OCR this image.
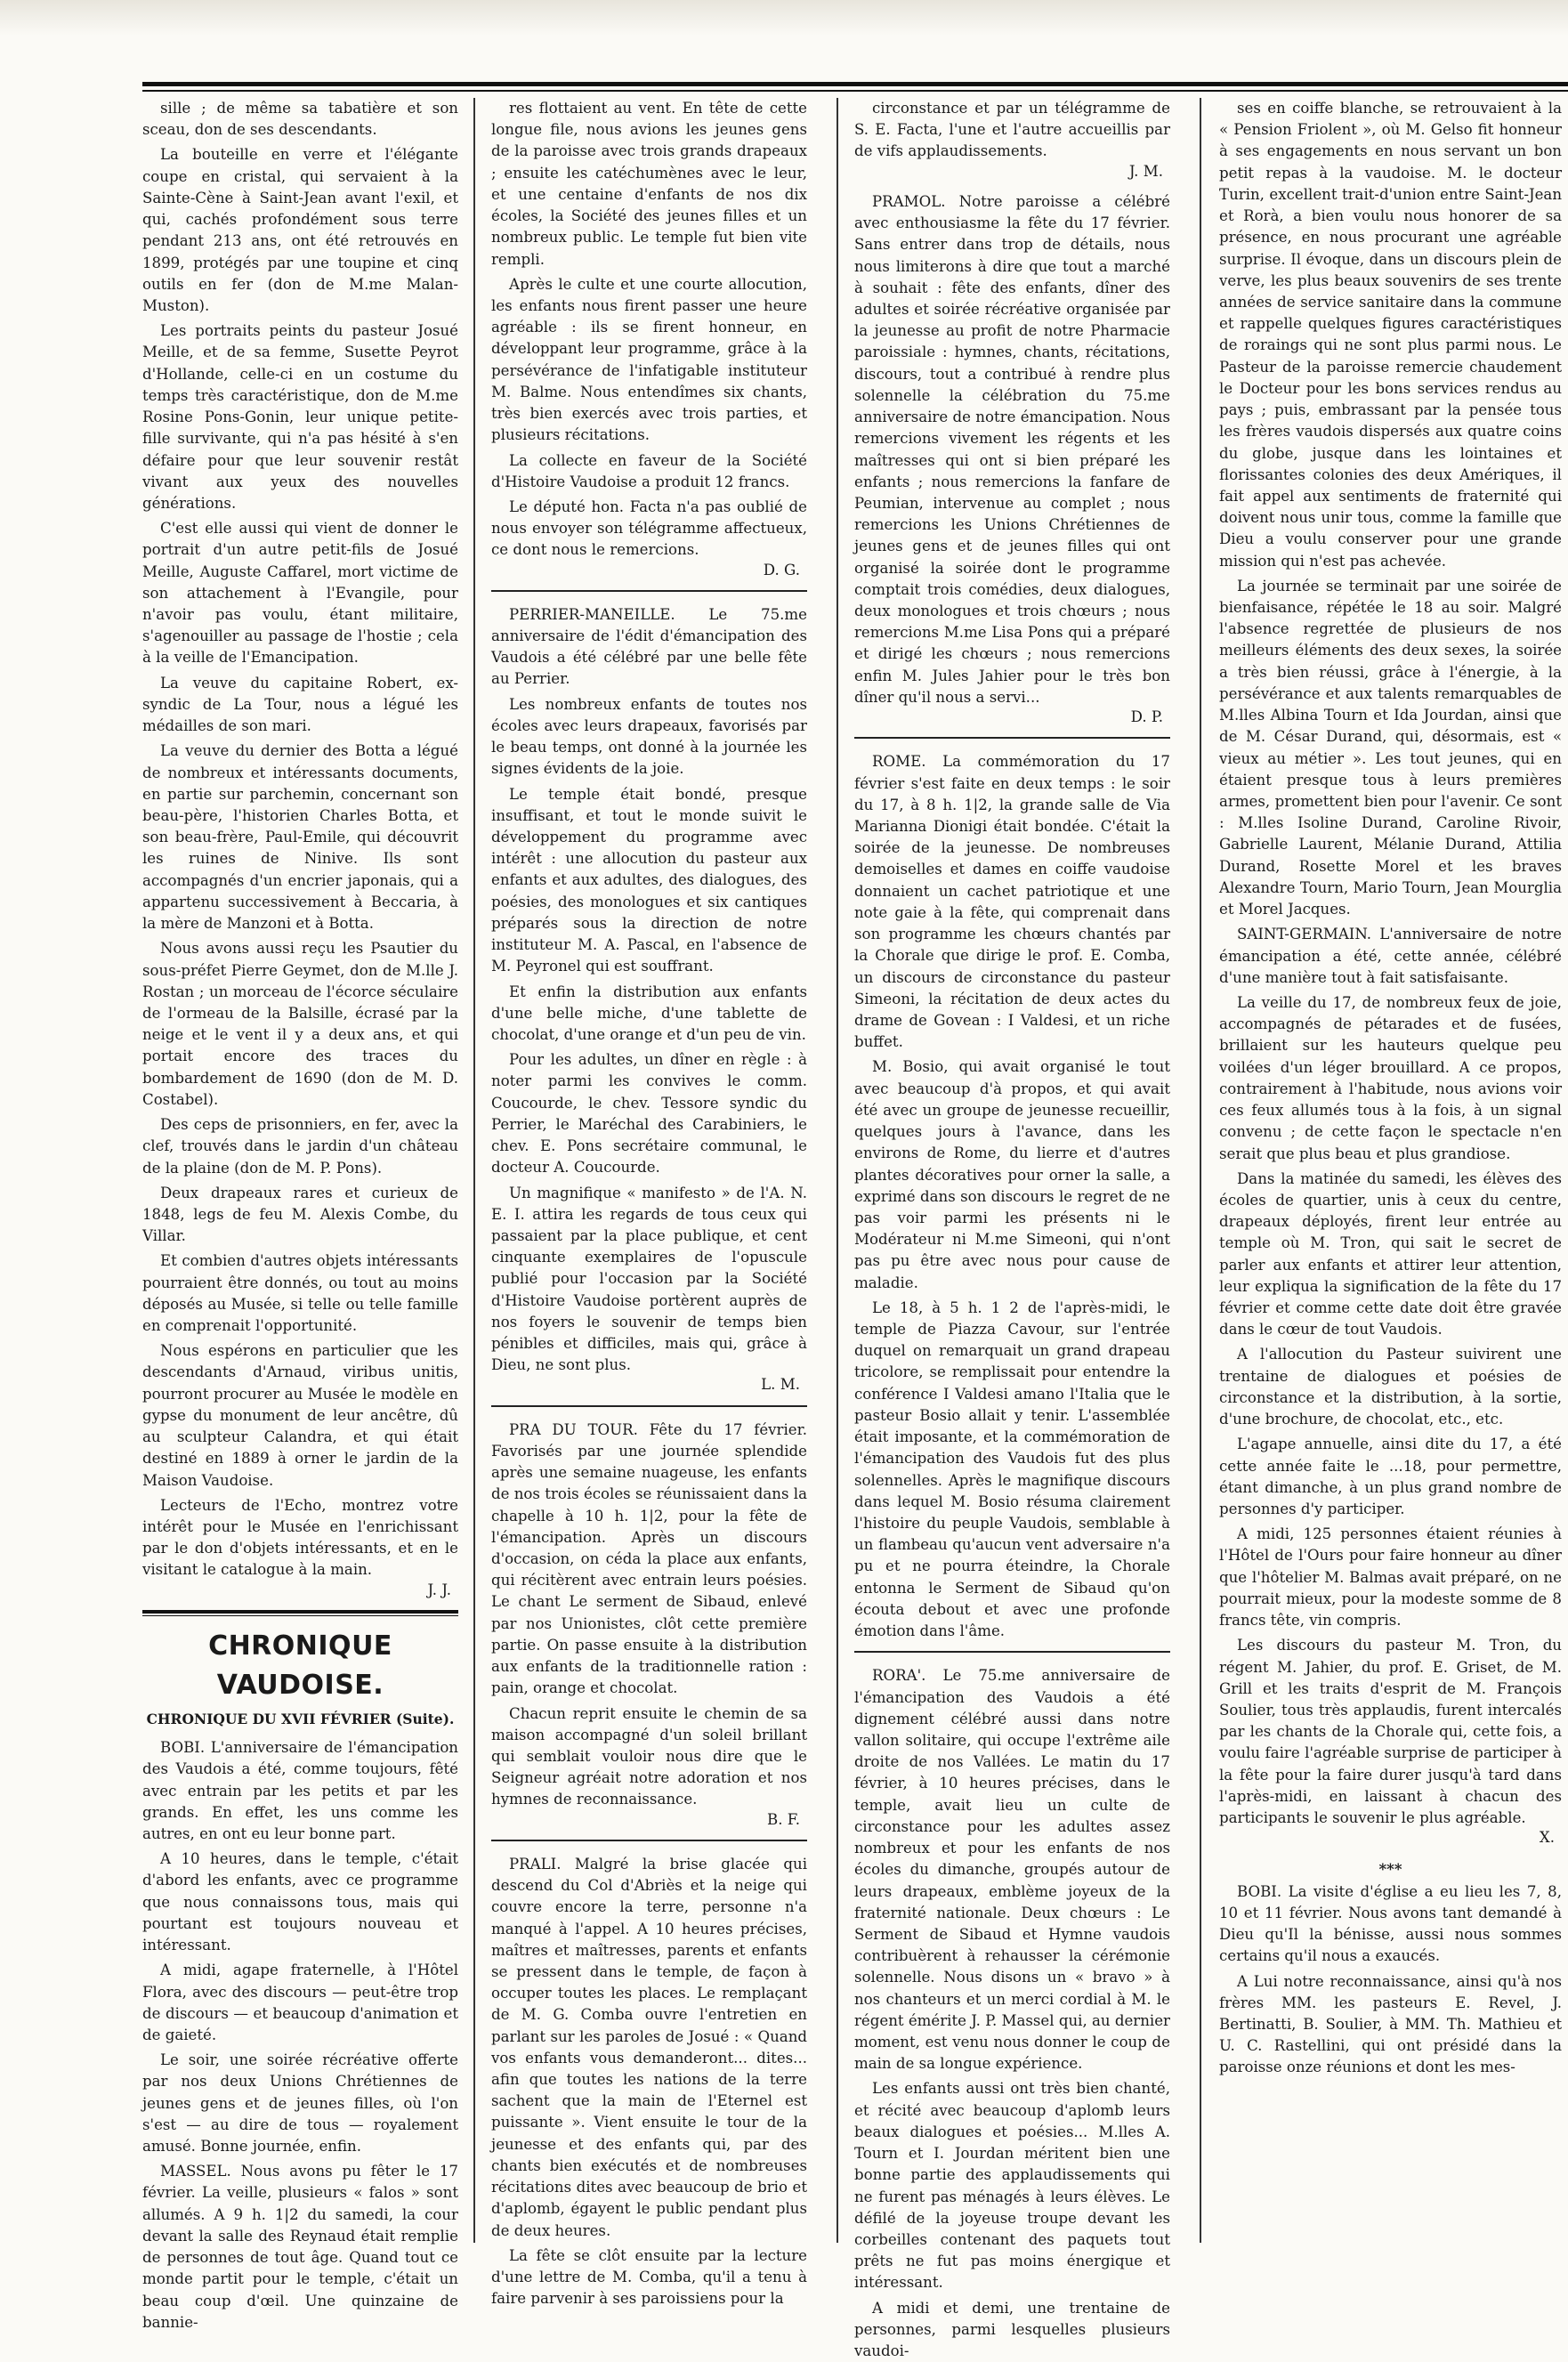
sille ; de même sa tabatière et son sceau, don de ses descendants.

La bouteille en verre et l'élégante coupe en cristal, qui servaient à la Sainte-Cène à Saint-Jean avant l'exil, et qui, cachés profondément sous terre pendant 213 ans, ont été retrouvés en 1899, protégés par une toupine et cinq outils en fer (don de M.me Malan-Muston).

Les portraits peints du pasteur Josué Meille, et de sa femme, Susette Peyrot d'Hollande, celle-ci en un costume du temps très caractéristique, don de M.me Rosine Pons-Gonin, leur unique petite-fille survivante, qui n'a pas hésité à s'en défaire pour que leur souvenir restât vivant aux yeux des nouvelles générations.

C'est elle aussi qui vient de donner le portrait d'un autre petit-fils de Josué Meille, Auguste Caffarel, mort victime de son attachement à l'Evangile, pour n'avoir pas voulu, étant militaire, s'agenouiller au passage de l'hostie ; cela à la veille de l'Emancipation.

La veuve du capitaine Robert, ex-syndic de La Tour, nous a légué les médailles de son mari.

La veuve du dernier des Botta a légué de nombreux et intéressants documents, en partie sur parchemin, concernant son beau-père, l'historien Charles Botta, et son beau-frère, Paul-Emile, qui découvrit les ruines de Ninive. Ils sont accompagnés d'un encrier japonais, qui a appartenu successivement à Beccaria, à la mère de Manzoni et à Botta.

Nous avons aussi reçu les Psautier du sous-préfet Pierre Geymet, don de M.lle J. Rostan ; un morceau de l'écorce séculaire de l'ormeau de la Balsille, écrasé par la neige et le vent il y a deux ans, et qui portait encore des traces du bombardement de 1690 (don de M. D. Costabel).

Des ceps de prisonniers, en fer, avec la clef, trouvés dans le jardin d'un château de la plaine (don de M. P. Pons).

Deux drapeaux rares et curieux de 1848, legs de feu M. Alexis Combe, du Villar.

Et combien d'autres objets intéressants pourraient être donnés, ou tout au moins déposés au Musée, si telle ou telle famille en comprenait l'opportunité.

Nous espérons en particulier que les descendants d'Arnaud, viribus unitis, pourront procurer au Musée le modèle en gypse du monument de leur ancêtre, dû au sculpteur Calandra, et qui était destiné en 1889 à orner le jardin de la Maison Vaudoise.

Lecteurs de l'Echo, montrez votre intérêt pour le Musée en l'enrichissant par le don d'objets intéressants, et en le visitant le catalogue à la main.

J. J.
CHRONIQUE VAUDOISE.
CHRONIQUE DU XVII FÉVRIER (Suite).

BOBI. L'anniversaire de l'émancipation des Vaudois a été, comme toujours, fêté avec entrain par les petits et par les grands. En effet, les uns comme les autres, en ont eu leur bonne part.

A 10 heures, dans le temple, c'était d'abord les enfants, avec ce programme que nous connaissons tous, mais qui pourtant est toujours nouveau et intéressant.

A midi, agape fraternelle, à l'Hôtel Flora, avec des discours — peut-être trop de discours — et beaucoup d'animation et de gaieté.

Le soir, une soirée récréative offerte par nos deux Unions Chrétiennes de jeunes gens et de jeunes filles, où l'on s'est — au dire de tous — royalement amusé. Bonne journée, enfin.

MASSEL. Nous avons pu fêter le 17 février. La veille, plusieurs « falos » sont allumés. A 9 h. 1|2 du samedi, la cour devant la salle des Reynaud était remplie de personnes de tout âge. Quand tout ce monde partit pour le temple, c'était un beau coup d'œil. Une quinzaine de bannie-

res flottaient au vent. En tête de cette longue file, nous avions les jeunes gens de la paroisse avec trois grands drapeaux ; ensuite les catéchumènes avec le leur, et une centaine d'enfants de nos dix écoles, la Société des jeunes filles et un nombreux public. Le temple fut bien vite rempli.

Après le culte et une courte allocution, les enfants nous firent passer une heure agréable : ils se firent honneur, en développant leur programme, grâce à la persévérance de l'infatigable instituteur M. Balme. Nous entendîmes six chants, très bien exercés avec trois parties, et plusieurs récitations.

La collecte en faveur de la Société d'Histoire Vaudoise a produit 12 francs.

Le député hon. Facta n'a pas oublié de nous envoyer son télégramme affectueux, ce dont nous le remercions.

D. G.

PERRIER-MANEILLE. Le 75.me anniversaire de l'édit d'émancipation des Vaudois a été célébré par une belle fête au Perrier.

Les nombreux enfants de toutes nos écoles avec leurs drapeaux, favorisés par le beau temps, ont donné à la journée les signes évidents de la joie.

Le temple était bondé, presque insuffisant, et tout le monde suivit le développement du programme avec intérêt : une allocution du pasteur aux enfants et aux adultes, des dialogues, des poésies, des monologues et six cantiques préparés sous la direction de notre instituteur M. A. Pascal, en l'absence de M. Peyronel qui est souffrant.

Et enfin la distribution aux enfants d'une belle miche, d'une tablette de chocolat, d'une orange et d'un peu de vin.

Pour les adultes, un dîner en règle : à noter parmi les convives le comm. Coucourde, le chev. Tessore syndic du Perrier, le Maréchal des Carabiniers, le chev. E. Pons secrétaire communal, le docteur A. Coucourde.

Un magnifique « manifesto » de l'A. N. E. I. attira les regards de tous ceux qui passaient par la place publique, et cent cinquante exemplaires de l'opuscule publié pour l'occasion par la Société d'Histoire Vaudoise portèrent auprès de nos foyers le souvenir de temps bien pénibles et difficiles, mais qui, grâce à Dieu, ne sont plus.

L. M.

PRA DU TOUR. Fête du 17 février. Favorisés par une journée splendide après une semaine nuageuse, les enfants de nos trois écoles se réunissaient dans la chapelle à 10 h. 1|2, pour la fête de l'émancipation. Après un discours d'occasion, on céda la place aux enfants, qui récitèrent avec entrain leurs poésies. Le chant Le serment de Sibaud, enlevé par nos Unionistes, clôt cette première partie. On passe ensuite à la distribution aux enfants de la traditionnelle ration : pain, orange et chocolat.

Chacun reprit ensuite le chemin de sa maison accompagné d'un soleil brillant qui semblait vouloir nous dire que le Seigneur agréait notre adoration et nos hymnes de reconnaissance.

B. F.

PRALI. Malgré la brise glacée qui descend du Col d'Abriès et la neige qui couvre encore la terre, personne n'a manqué à l'appel. A 10 heures précises, maîtres et maîtresses, parents et enfants se pressent dans le temple, de façon à occuper toutes les places. Le remplaçant de M. G. Comba ouvre l'entretien en parlant sur les paroles de Josué : « Quand vos enfants vous demanderont... dites... afin que toutes les nations de la terre sachent que la main de l'Eternel est puissante ». Vient ensuite le tour de la jeunesse et des enfants qui, par des chants bien exécutés et de nombreuses récitations dites avec beaucoup de brio et d'aplomb, égayent le public pendant plus de deux heures.

La fête se clôt ensuite par la lecture d'une lettre de M. Comba, qu'il a tenu à faire parvenir à ses paroissiens pour la

circonstance et par un télégramme de S. E. Facta, l'une et l'autre accueillis par de vifs applaudissements.

J. M.

PRAMOL. Notre paroisse a célébré avec enthousiasme la fête du 17 février. Sans entrer dans trop de détails, nous nous limiterons à dire que tout a marché à souhait : fête des enfants, dîner des adultes et soirée récréative organisée par la jeunesse au profit de notre Pharmacie paroissiale : hymnes, chants, récitations, discours, tout a contribué à rendre plus solennelle la célébration du 75.me anniversaire de notre émancipation. Nous remercions vivement les régents et les maîtresses qui ont si bien préparé les enfants ; nous remercions la fanfare de Peumian, intervenue au complet ; nous remercions les Unions Chrétiennes de jeunes gens et de jeunes filles qui ont organisé la soirée dont le programme comptait trois comédies, deux dialogues, deux monologues et trois chœurs ; nous remercions M.me Lisa Pons qui a préparé et dirigé les chœurs ; nous remercions enfin M. Jules Jahier pour le très bon dîner qu'il nous a servi...

D. P.

ROME. La commémoration du 17 février s'est faite en deux temps : le soir du 17, à 8 h. 1|2, la grande salle de Via Marianna Dionigi était bondée. C'était la soirée de la jeunesse. De nombreuses demoiselles et dames en coiffe vaudoise donnaient un cachet patriotique et une note gaie à la fête, qui comprenait dans son programme les chœurs chantés par la Chorale que dirige le prof. E. Comba, un discours de circonstance du pasteur Simeoni, la récitation de deux actes du drame de Govean : I Valdesi, et un riche buffet.

M. Bosio, qui avait organisé le tout avec beaucoup d'à propos, et qui avait été avec un groupe de jeunesse recueillir, quelques jours à l'avance, dans les environs de Rome, du lierre et d'autres plantes décoratives pour orner la salle, a exprimé dans son discours le regret de ne pas voir parmi les présents ni le Modérateur ni M.me Simeoni, qui n'ont pas pu être avec nous pour cause de maladie.

Le 18, à 5 h. 1 2 de l'après-midi, le temple de Piazza Cavour, sur l'entrée duquel on remarquait un grand drapeau tricolore, se remplissait pour entendre la conférence I Valdesi amano l'Italia que le pasteur Bosio allait y tenir. L'assemblée était imposante, et la commémoration de l'émancipation des Vaudois fut des plus solennelles. Après le magnifique discours dans lequel M. Bosio résuma clairement l'histoire du peuple Vaudois, semblable à un flambeau qu'aucun vent adversaire n'a pu et ne pourra éteindre, la Chorale entonna le Serment de Sibaud qu'on écouta debout et avec une profonde émotion dans l'âme.

RORA'. Le 75.me anniversaire de l'émancipation des Vaudois a été dignement célébré aussi dans notre vallon solitaire, qui occupe l'extrême aile droite de nos Vallées. Le matin du 17 février, à 10 heures précises, dans le temple, avait lieu un culte de circonstance pour les adultes assez nombreux et pour les enfants de nos écoles du dimanche, groupés autour de leurs drapeaux, emblème joyeux de la fraternité nationale. Deux chœurs : Le Serment de Sibaud et Hymne vaudois contribuèrent à rehausser la cérémonie solennelle. Nous disons un « bravo » à nos chanteurs et un merci cordial à M. le régent émérite J. P. Massel qui, au dernier moment, est venu nous donner le coup de main de sa longue expérience.

Les enfants aussi ont très bien chanté, et récité avec beaucoup d'aplomb leurs beaux dialogues et poésies... M.lles A. Tourn et I. Jourdan méritent bien une bonne partie des applaudissements qui ne furent pas ménagés à leurs élèves. Le défilé de la joyeuse troupe devant les corbeilles contenant des paquets tout prêts ne fut pas moins énergique et intéressant.

A midi et demi, une trentaine de personnes, parmi lesquelles plusieurs vaudoi-

ses en coiffe blanche, se retrouvaient à la « Pension Friolent », où M. Gelso fit honneur à ses engagements en nous servant un bon petit repas à la vaudoise. M. le docteur Turin, excellent trait-d'union entre Saint-Jean et Rorà, a bien voulu nous honorer de sa présence, en nous procurant une agréable surprise. Il évoque, dans un discours plein de verve, les plus beaux souvenirs de ses trente années de service sanitaire dans la commune et rappelle quelques figures caractéristiques de roraings qui ne sont plus parmi nous. Le Pasteur de la paroisse remercie chaudement le Docteur pour les bons services rendus au pays ; puis, embrassant par la pensée tous les frères vaudois dispersés aux quatre coins du globe, jusque dans les lointaines et florissantes colonies des deux Amériques, il fait appel aux sentiments de fraternité qui doivent nous unir tous, comme la famille que Dieu a voulu conserver pour une grande mission qui n'est pas achevée.

La journée se terminait par une soirée de bienfaisance, répétée le 18 au soir. Malgré l'absence regrettée de plusieurs de nos meilleurs éléments des deux sexes, la soirée a très bien réussi, grâce à l'énergie, à la persévérance et aux talents remarquables de M.lles Albina Tourn et Ida Jourdan, ainsi que de M. César Durand, qui, désormais, est « vieux au métier ». Les tout jeunes, qui en étaient presque tous à leurs premières armes, promettent bien pour l'avenir. Ce sont : M.lles Isoline Durand, Caroline Rivoir, Gabrielle Laurent, Mélanie Durand, Attilia Durand, Rosette Morel et les braves Alexandre Tourn, Mario Tourn, Jean Mourglia et Morel Jacques.

SAINT-GERMAIN. L'anniversaire de notre émancipation a été, cette année, célébré d'une manière tout à fait satisfaisante.

La veille du 17, de nombreux feux de joie, accompagnés de pétarades et de fusées, brillaient sur les hauteurs quelque peu voilées d'un léger brouillard. A ce propos, contrairement à l'habitude, nous avions voir ces feux allumés tous à la fois, à un signal convenu ; de cette façon le spectacle n'en serait que plus beau et plus grandiose.

Dans la matinée du samedi, les élèves des écoles de quartier, unis à ceux du centre, drapeaux déployés, firent leur entrée au temple où M. Tron, qui sait le secret de parler aux enfants et attirer leur attention, leur expliqua la signification de la fête du 17 février et comme cette date doit être gravée dans le cœur de tout Vaudois.

A l'allocution du Pasteur suivirent une trentaine de dialogues et poésies de circonstance et la distribution, à la sortie, d'une brochure, de chocolat, etc., etc.

L'agape annuelle, ainsi dite du 17, a été cette année faite le ...18, pour permettre, étant dimanche, à un plus grand nombre de personnes d'y participer.

A midi, 125 personnes étaient réunies à l'Hôtel de l'Ours pour faire honneur au dîner que l'hôtelier M. Balmas avait préparé, on ne pourrait mieux, pour la modeste somme de 8 francs tête, vin compris.

Les discours du pasteur M. Tron, du régent M. Jahier, du prof. E. Griset, de M. Grill et les traits d'esprit de M. François Soulier, tous très applaudis, furent intercalés par les chants de la Chorale qui, cette fois, a voulu faire l'agréable surprise de participer à la fête pour la faire durer jusqu'à tard dans l'après-midi, en laissant à chacun des participants le souvenir le plus agréable.

X.
***

BOBI. La visite d'église a eu lieu les 7, 8, 10 et 11 février. Nous avons tant demandé à Dieu qu'Il la bénisse, aussi nous sommes certains qu'il nous a exaucés.

A Lui notre reconnaissance, ainsi qu'à nos frères MM. les pasteurs E. Revel, J. Bertinatti, B. Soulier, à MM. Th. Mathieu et U. C. Rastellini, qui ont présidé dans la paroisse onze réunions et dont les mes-
